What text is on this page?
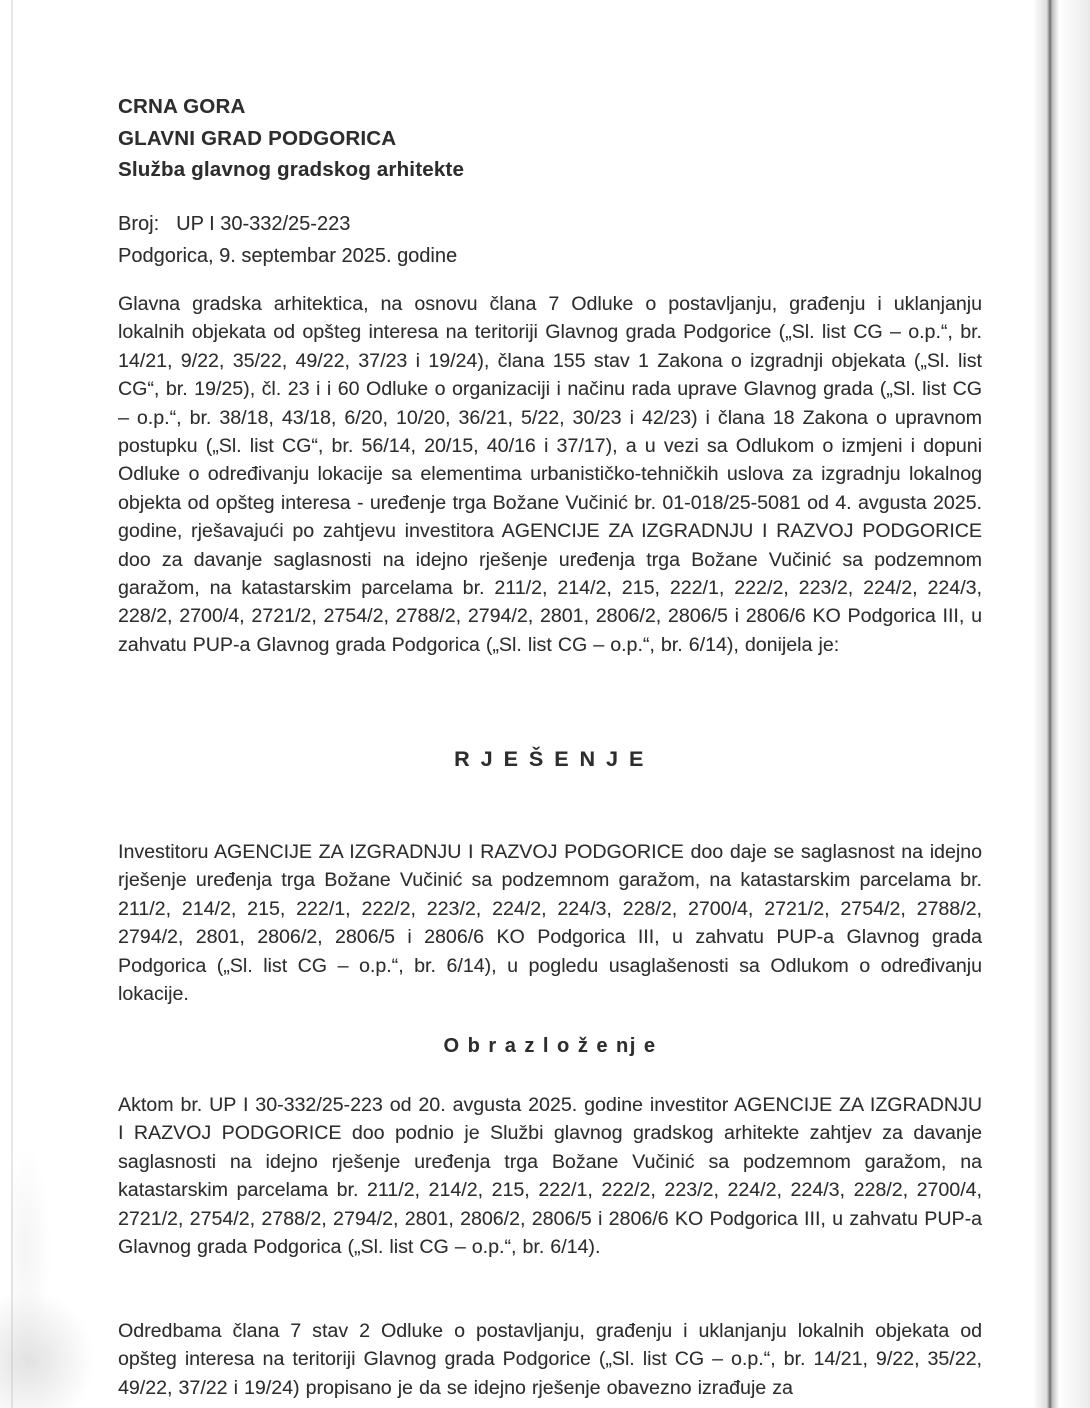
CRNA GORA
GLAVNI GRAD PODGORICA
Služba glavnog gradskog arhitekte
Broj: UP I 30-332/25-223
Podgorica, 9. septembar 2025. godine
Glavna gradska arhitektica, na osnovu člana 7 Odluke o postavljanju, građenju i uklanjanju lokalnih objekata od opšteg interesa na teritoriji Glavnog grada Podgorice („Sl. list CG – o.p.“, br. 14/21, 9/22, 35/22, 49/22, 37/23 i 19/24), člana 155 stav 1 Zakona o izgradnji objekata („Sl. list CG“, br. 19/25), čl. 23 i i 60 Odluke o organizaciji i načinu rada uprave Glavnog grada („Sl. list CG – o.p.“, br. 38/18, 43/18, 6/20, 10/20, 36/21, 5/22, 30/23 i 42/23) i člana 18 Zakona o upravnom postupku („Sl. list CG“, br. 56/14, 20/15, 40/16 i 37/17), a u vezi sa Odlukom o izmjeni i dopuni Odluke o određivanju lokacije sa elementima urbanističko-tehničkih uslova za izgradnju lokalnog objekta od opšteg interesa - uređenje trga Božane Vučinić br. 01-018/25-5081 od 4. avgusta 2025. godine, rješavajući po zahtjevu investitora AGENCIJE ZA IZGRADNJU I RAZVOJ PODGORICE doo za davanje saglasnosti na idejno rješenje uređenja trga Božane Vučinić sa podzemnom garažom, na katastarskim parcelama br. 211/2, 214/2, 215, 222/1, 222/2, 223/2, 224/2, 224/3, 228/2, 2700/4, 2721/2, 2754/2, 2788/2, 2794/2, 2801, 2806/2, 2806/5 i 2806/6 KO Podgorica III, u zahvatu PUP-a Glavnog grada Podgorica („Sl. list CG – o.p.“, br. 6/14), donijela je:
R J E Š E N J E
Investitoru AGENCIJE ZA IZGRADNJU I RAZVOJ PODGORICE doo daje se saglasnost na idejno rješenje uređenja trga Božane Vučinić sa podzemnom garažom, na katastarskim parcelama br. 211/2, 214/2, 215, 222/1, 222/2, 223/2, 224/2, 224/3, 228/2, 2700/4, 2721/2, 2754/2, 2788/2, 2794/2, 2801, 2806/2, 2806/5 i 2806/6 KO Podgorica III, u zahvatu PUP-a Glavnog grada Podgorica („Sl. list CG – o.p.“, br. 6/14), u pogledu usaglašenosti sa Odlukom o određivanju lokacije.
O b r a z l o ž e nj e
Aktom br. UP I 30-332/25-223 od 20. avgusta 2025. godine investitor AGENCIJE ZA IZGRADNJU I RAZVOJ PODGORICE doo podnio je Službi glavnog gradskog arhitekte zahtjev za davanje saglasnosti na idejno rješenje uređenja trga Božane Vučinić sa podzemnom garažom, na katastarskim parcelama br. 211/2, 214/2, 215, 222/1, 222/2, 223/2, 224/2, 224/3, 228/2, 2700/4, 2721/2, 2754/2, 2788/2, 2794/2, 2801, 2806/2, 2806/5 i 2806/6 KO Podgorica III, u zahvatu PUP-a Glavnog grada Podgorica („Sl. list CG – o.p.“, br. 6/14).
Odredbama člana 7 stav 2 Odluke o postavljanju, građenju i uklanjanju lokalnih objekata od opšteg interesa na teritoriji Glavnog grada Podgorice („Sl. list CG – o.p.“, br. 14/21, 9/22, 35/22, 49/22, 37/22 i 19/24) propisano je da se idejno rješenje obavezno izrađuje za
